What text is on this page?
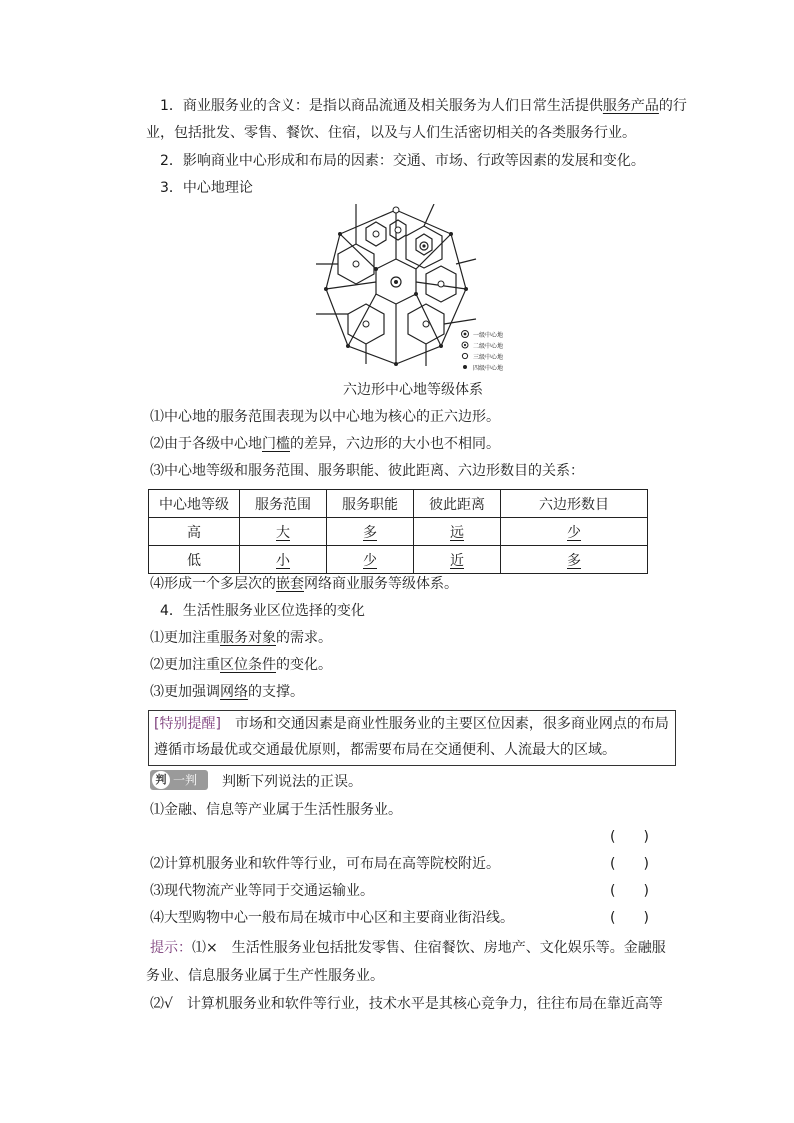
1．商业服务业的含义：是指以商品流通及相关服务为人们日常生活提供服务产品的行
业，包括批发、零售、餐饮、住宿，以及与人们生活密切相关的各类服务行业。
2．影响商业中心形成和布局的因素：交通、市场、行政等因素的发展和变化。
3．中心地理论
一级中心地
二级中心地
三级中心地
四级中心地
六边形中心地等级体系
⑴中心地的服务范围表现为以中心地为核心的正六边形。
⑵由于各级中心地门槛的差异，六边形的大小也不相同。
⑶中心地等级和服务范围、服务职能、彼此距离、六边形数目的关系：
中心地等级	服务范围	服务职能	彼此距离	六边形数目
高	大	多	远	少
低	小	少	近	多
⑷形成一个多层次的嵌套网络商业服务等级体系。
4．生活性服务业区位选择的变化
⑴更加注重服务对象的需求。
⑵更加注重区位条件的变化。
⑶更加强调网络的支撑。
[特别提醒]　 市场和交通因素是商业性服务业的主要区位因素，很多商业网点的布局
遵循市场最优或交通最优原则，都需要布局在交通便利、人流最大的区域。
判 一判 判断下列说法的正误。
⑴金融、信息等产业属于生活性服务业。
(　　)
⑵计算机服务业和软件等行业，可布局在高等院校附近。	(　　)
⑶现代物流产业等同于交通运输业。	(　　)
⑷大型购物中心一般布局在城市中心区和主要商业街沿线。	(　　)
提示：⑴×　 生活性服务业包括批发零售、住宿餐饮、房地产、文化娱乐等。金融服
务业、信息服务业属于生产性服务业。
⑵√　 计算机服务业和软件等行业，技术水平是其核心竞争力，往往布局在靠近高等
